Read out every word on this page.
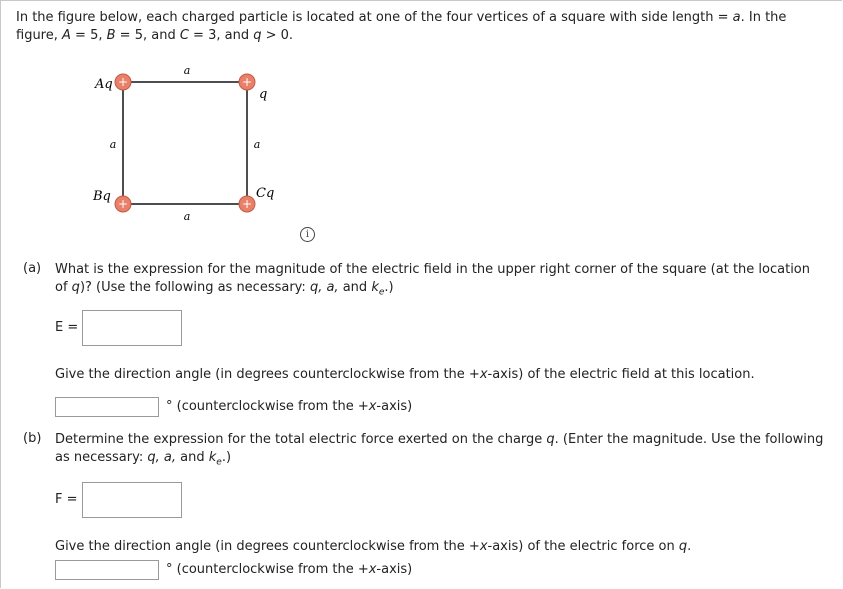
In the figure below, each charged particle is located at one of the four vertices of a square with side length = a. In the
figure, A = 5, B = 5, and C = 3, and q > 0.
+	+
+	+
Aq
q
Bq	Cq
a
a
a	a
i
(a) What is the expression for the magnitude of the electric field in the upper right corner of the square (at the location
of q)? (Use the following as necessary: q, a, and $k_e$.)
E =
Give the direction angle (in degrees counterclockwise from the +x-axis) of the electric field at this location.
° (counterclockwise from the +x-axis)
(b) Determine the expression for the total electric force exerted on the charge q. (Enter the magnitude. Use the following
as necessary: q, a, and $k_e$.)
F =
Give the direction angle (in degrees counterclockwise from the +x-axis) of the electric force on q.
° (counterclockwise from the +x-axis)
